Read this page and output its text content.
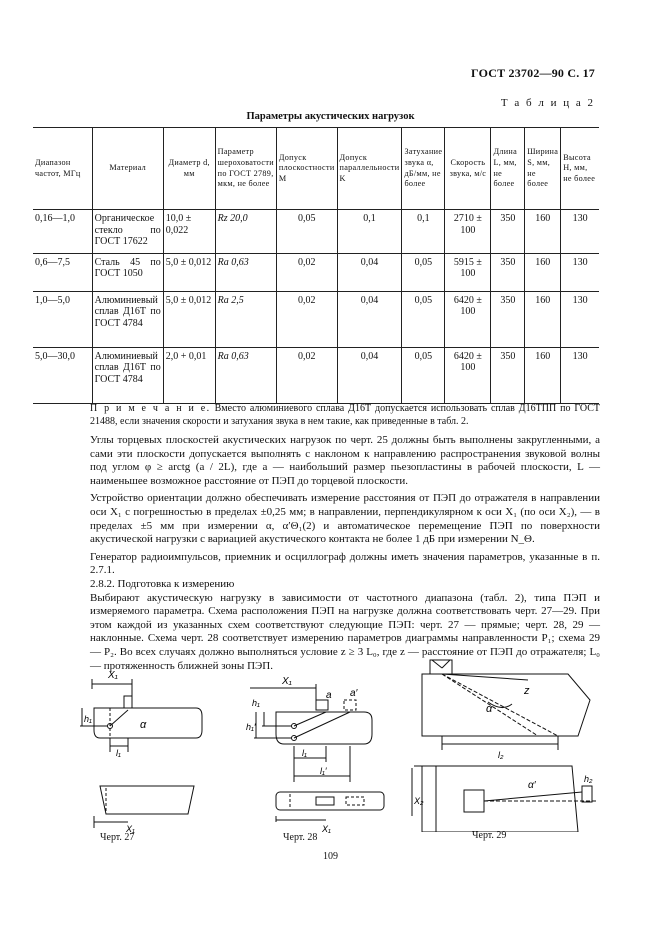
ГОСТ 23702—90 С. 17
Т а б л и ц а 2
Параметры акустических нагрузок
Диапазон частот, МГц	Материал	Диаметр d, мм	Параметр шероховатости по ГОСТ 2789, мкм, не более	Допуск плоскостности M	Допуск параллельности K	Затухание звука α, дБ/мм, не более	Скорость звука, м/с	Длина L, мм, не более	Ширина S, мм, не более	Высота H, мм, не более
0,16—1,0	Органическое стекло по ГОСТ 17622	10,0 ± 0,022	Rz 20,0	0,05	0,1	0,1	2710 ± 100	350	160	130
0,6—7,5	Сталь 45 по ГОСТ 1050	5,0 ± 0,012	Ra 0,63	0,02	0,04	0,05	5915 ± 100	350	160	130
1,0—5,0	Алюминиевый сплав Д16Т по ГОСТ 4784	5,0 ± 0,012	Ra 2,5	0,02	0,04	0,05	6420 ± 100	350	160	130
5,0—30,0	Алюминиевый сплав Д16Т по ГОСТ 4784	2,0 + 0,01	Ra 0,63	0,02	0,04	0,05	6420 ± 100	350	160	130

П р и м е ч а н и е. Вместо алюминиевого сплава Д16Т допускается использовать сплав Д16ТПП по ГОСТ 21488, если значения скорости и затухания звука в нем такие, как приведенные в табл. 2.

Углы торцевых плоскостей акустических нагрузок по черт. 25 должны быть выполнены закругленными, а сами эти плоскости допускается выполнять с наклоном к направлению распространения звуковой волны под углом φ ≥ arctg (a / 2L), где a — наибольший размер пьезопластины в рабочей плоскости, L — наименьшее возможное расстояние от ПЭП до торцевой плоскости.

Устройство ориентации должно обеспечивать измерение расстояния от ПЭП до отражателя в направлении оси X₁ с погрешностью в пределах ±0,25 мм; в направлении, перпендикулярном к оси X₁ (по оси X₂), — в пределах ±5 мм при измерении α, α′Θ₁(2) и автоматическое перемещение ПЭП по поверхности акустической нагрузки с вариацией акустического контакта не более 1 дБ при измерении N_Θ.

Генератор радиоимпульсов, приемник и осциллограф должны иметь значения параметров, указанные в п. 2.7.1.

2.8.2. Подготовка к измерению

Выбирают акустическую нагрузку в зависимости от частотного диапазона (табл. 2), типа ПЭП и измеряемого параметра. Схема расположения ПЭП на нагрузке должна соответствовать черт. 27—29. При этом каждой из указанных схем соответствуют следующие ПЭП: черт. 27 — прямые; черт. 28, 29 — наклонные. Схема черт. 28 соответствует измерению параметров диаграммы направленности P₁; схема 29 — P₂. Во всех случаях должно выполняться условие z ≥ 3 L₀, где z — расстояние от ПЭП до отражателя; L₀ — протяженность ближней зоны ПЭП.

X₁
h₁	α
l₁
X₁
Черт. 27
X₁
a a′
h₁
h₁′
l₁
l₁′
X₁
Черт. 28
z
α
l₂
X₂
α′
h₂
Черт. 29
109
